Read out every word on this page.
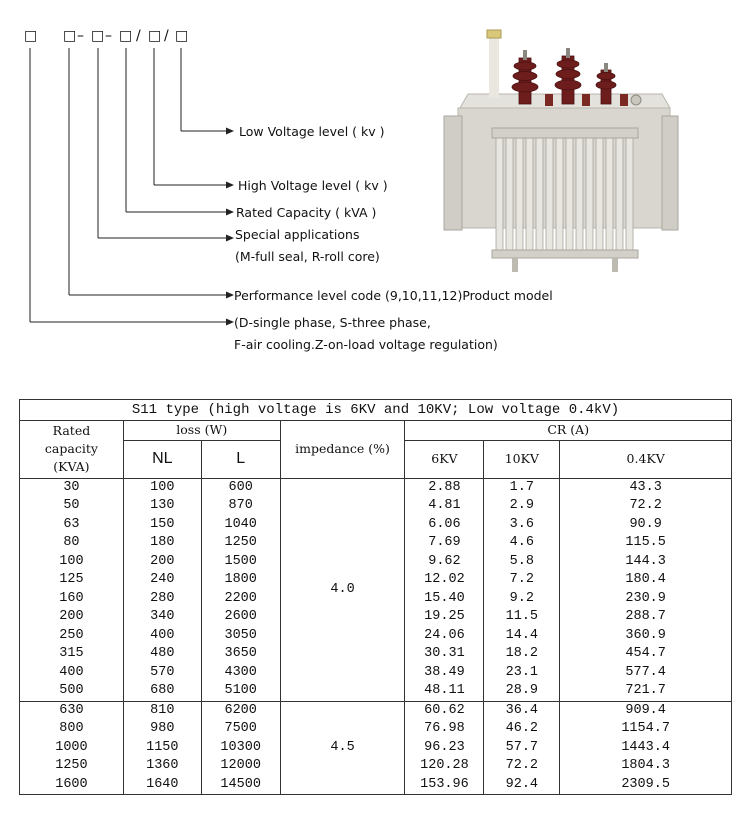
□ □ – □ – □ / □ / □
Low Voltage level ( kv )
High Voltage level ( kv )
Rated Capacity ( kVA )
Special applications
(M-full seal, R-roll core)
Performance level code (9,10,11,12)Product model
(D-single phase, S-three phase,
F-air cooling.Z-on-load voltage regulation)
S11 type (high voltage is 6KV and 10KV; Low voltage 0.4kV)						
Rated
capacity
(KVA)	loss (W)		impedance (%)	CR (A)		
	NL	L		6KV	10KV	0.4KV
30	100	600	4.0	2.88	1.7	43.3
50	130	870		4.81	2.9	72.2
63	150	1040		6.06	3.6	90.9
80	180	1250		7.69	4.6	115.5
100	200	1500		9.62	5.8	144.3
125	240	1800		12.02	7.2	180.4
160	280	2200		15.40	9.2	230.9
200	340	2600		19.25	11.5	288.7
250	400	3050		24.06	14.4	360.9
315	480	3650		30.31	18.2	454.7
400	570	4300		38.49	23.1	577.4
500	680	5100		48.11	28.9	721.7
630	810	6200	4.5	60.62	36.4	909.4
800	980	7500		76.98	46.2	1154.7
1000	1150	10300		96.23	57.7	1443.4
1250	1360	12000		120.28	72.2	1804.3
1600	1640	14500		153.96	92.4	2309.5
